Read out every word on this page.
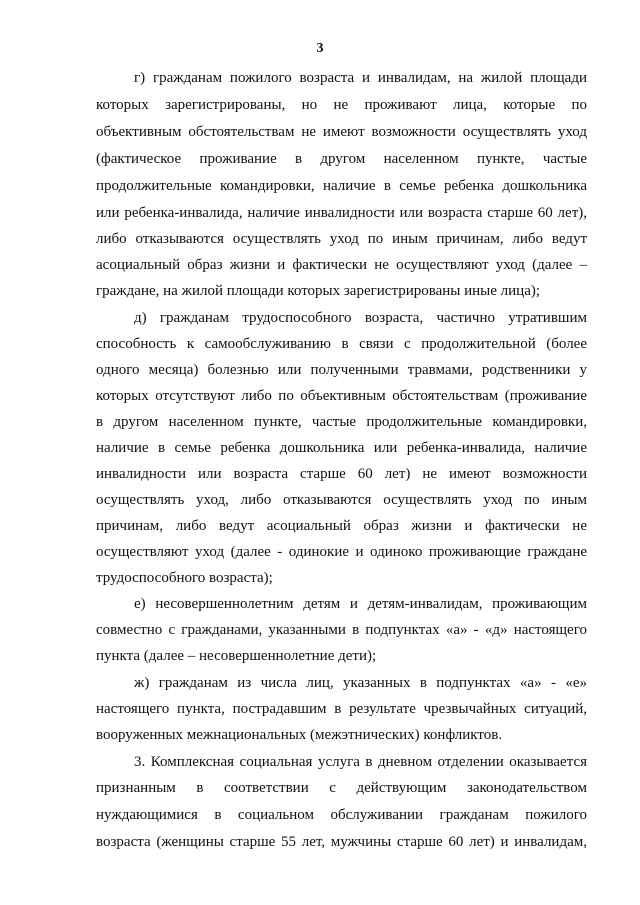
3

г) гражданам пожилого возраста и инвалидам, на жилой площади

которых зарегистрированы, но не проживают лица, которые по

объективным обстоятельствам не имеют возможности осуществлять уход

(фактическое проживание в другом населенном пункте, частые

продолжительные командировки, наличие в семье ребенка дошкольника

или ребенка-инвалида, наличие инвалидности или возраста старше 60 лет),

либо отказываются осуществлять уход по иным причинам, либо ведут

асоциальный образ жизни и фактически не осуществляют уход (далее –

граждане, на жилой площади которых зарегистрированы иные лица);

д) гражданам трудоспособного возраста, частично утратившим

способность к самообслуживанию в связи с продолжительной (более

одного месяца) болезнью или полученными травмами, родственники у

которых отсутствуют либо по объективным обстоятельствам (проживание

в другом населенном пункте, частые продолжительные командировки,

наличие в семье ребенка дошкольника или ребенка-инвалида, наличие

инвалидности или возраста старше 60 лет) не имеют возможности

осуществлять уход, либо отказываются осуществлять уход по иным

причинам, либо ведут асоциальный образ жизни и фактически не

осуществляют уход (далее - одинокие и одиноко проживающие граждане

трудоспособного возраста);

е) несовершеннолетним детям и детям-инвалидам, проживающим

совместно с гражданами, указанными в подпунктах «а» - «д» настоящего

пункта (далее – несовершеннолетние дети);

ж) гражданам из числа лиц, указанных в подпунктах «а» - «е»

настоящего пункта, пострадавшим в результате чрезвычайных ситуаций,

вооруженных межнациональных (межэтнических) конфликтов.

3. Комплексная социальная услуга в дневном отделении оказывается

признанным в соответствии с действующим законодательством

нуждающимися в социальном обслуживании гражданам пожилого

возраста (женщины старше 55 лет, мужчины старше 60 лет) и инвалидам,
